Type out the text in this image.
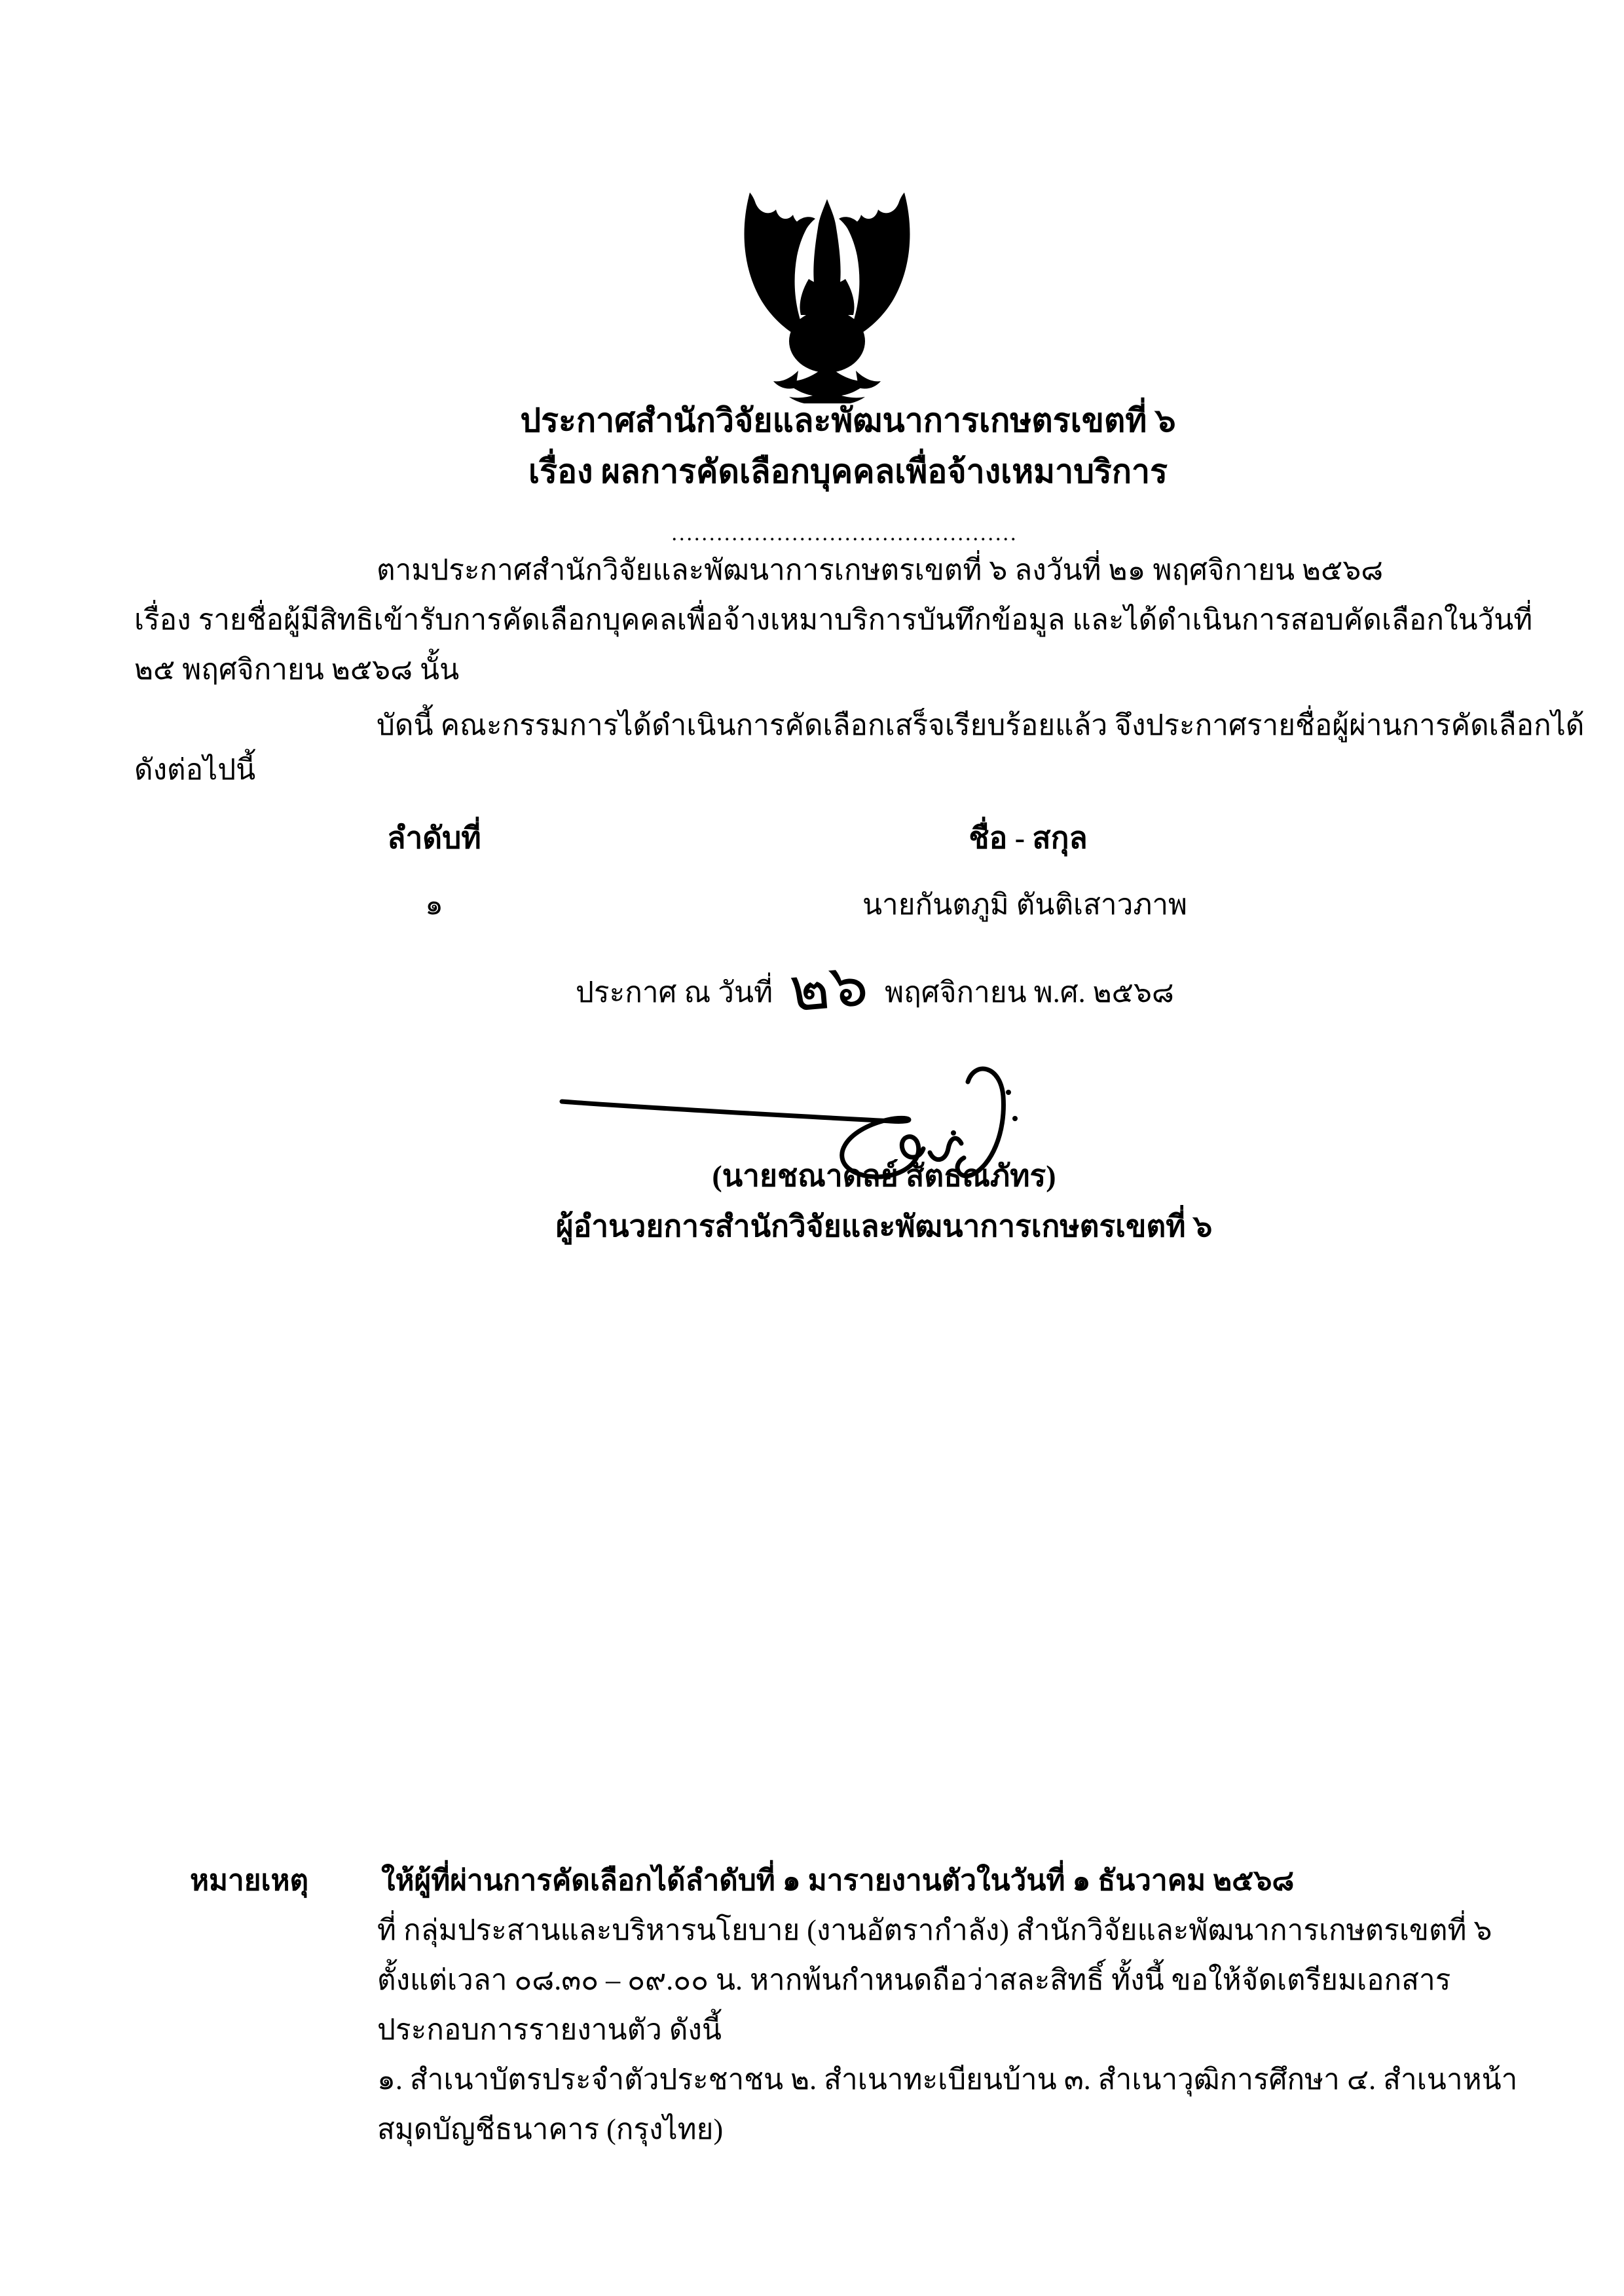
ประกาศสำนักวิจัยและพัฒนาการเกษตรเขตที่ ๖
เรื่อง ผลการคัดเลือกบุคคลเพื่อจ้างเหมาบริการ
..............................................
ตามประกาศสำนักวิจัยและพัฒนาการเกษตรเขตที่ ๖ ลงวันที่ ๒๑ พฤศจิกายน ๒๕๖๘
เรื่อง รายชื่อผู้มีสิทธิเข้ารับการคัดเลือกบุคคลเพื่อจ้างเหมาบริการบันทึกข้อมูล และได้ดำเนินการสอบคัดเลือกในวันที่
๒๕ พฤศจิกายน ๒๕๖๘ นั้น
บัดนี้ คณะกรรมการได้ดำเนินการคัดเลือกเสร็จเรียบร้อยแล้ว จึงประกาศรายชื่อผู้ผ่านการคัดเลือกได้
ดังต่อไปนี้
ลำดับที่	ชื่อ - สกุล
๑	นายกันตภูมิ ตันติเสาวภาพ
ประกาศ ณ วันที่ ๒๖ พฤศจิกายน พ.ศ. ๒๕๖๘
(นายชณาดลย์ สัตธณภัทร)
ผู้อำนวยการสำนักวิจัยและพัฒนาการเกษตรเขตที่ ๖
หมายเหตุ	ให้ผู้ที่ผ่านการคัดเลือกได้ลำดับที่ ๑ มารายงานตัวในวันที่ ๑ ธันวาคม ๒๕๖๘
ที่ กลุ่มประสานและบริหารนโยบาย (งานอัตรากำลัง) สำนักวิจัยและพัฒนาการเกษตรเขตที่ ๖
ตั้งแต่เวลา ๐๘.๓๐ – ๐๙.๐๐ น. หากพ้นกำหนดถือว่าสละสิทธิ์ ทั้งนี้ ขอให้จัดเตรียมเอกสาร
ประกอบการรายงานตัว ดังนี้
๑. สำเนาบัตรประจำตัวประชาชน ๒. สำเนาทะเบียนบ้าน ๓. สำเนาวุฒิการศึกษา ๔. สำเนาหน้า
สมุดบัญชีธนาคาร (กรุงไทย)
